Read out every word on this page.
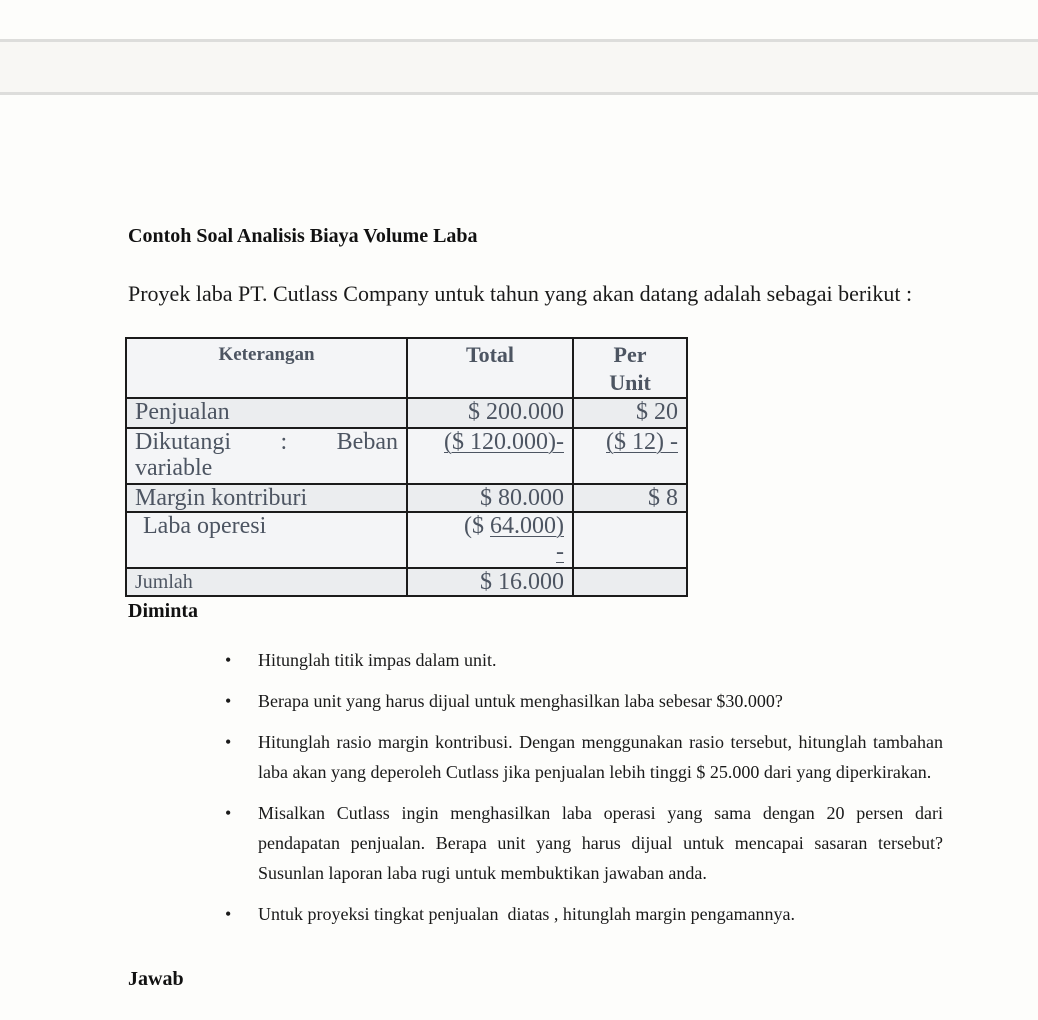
Contoh Soal Analisis Biaya Volume Laba
Proyek laba PT. Cutlass Company untuk tahun yang akan datang adalah sebagai berikut :
Keterangan	Total	Per
Unit
Penjualan	$ 200.000	$ 20

Dikutangi : Beban
variable	($ 120.000)-	($ 12) -
Margin kontriburi	$ 80.000	$ 8
Laba operesi	($ 64.000)
-	

Jumlah	$ 16.000	
Diminta
• Hitunglah titik impas dalam unit.
• Berapa unit yang harus dijual untuk menghasilkan laba sebesar $30.000?
• Hitunglah rasio margin kontribusi. Dengan menggunakan rasio tersebut, hitunglah tambahan laba akan yang deperoleh Cutlass jika penjualan lebih tinggi $ 25.000 dari yang diperkirakan.
• Misalkan Cutlass ingin menghasilkan laba operasi yang sama dengan 20 persen dari pendapatan penjualan. Berapa unit yang harus dijual untuk mencapai sasaran tersebut? Susunlan laporan laba rugi untuk membuktikan jawaban anda.
• Untuk proyeksi tingkat penjualan  diatas , hitunglah margin pengamannya.
Jawab
